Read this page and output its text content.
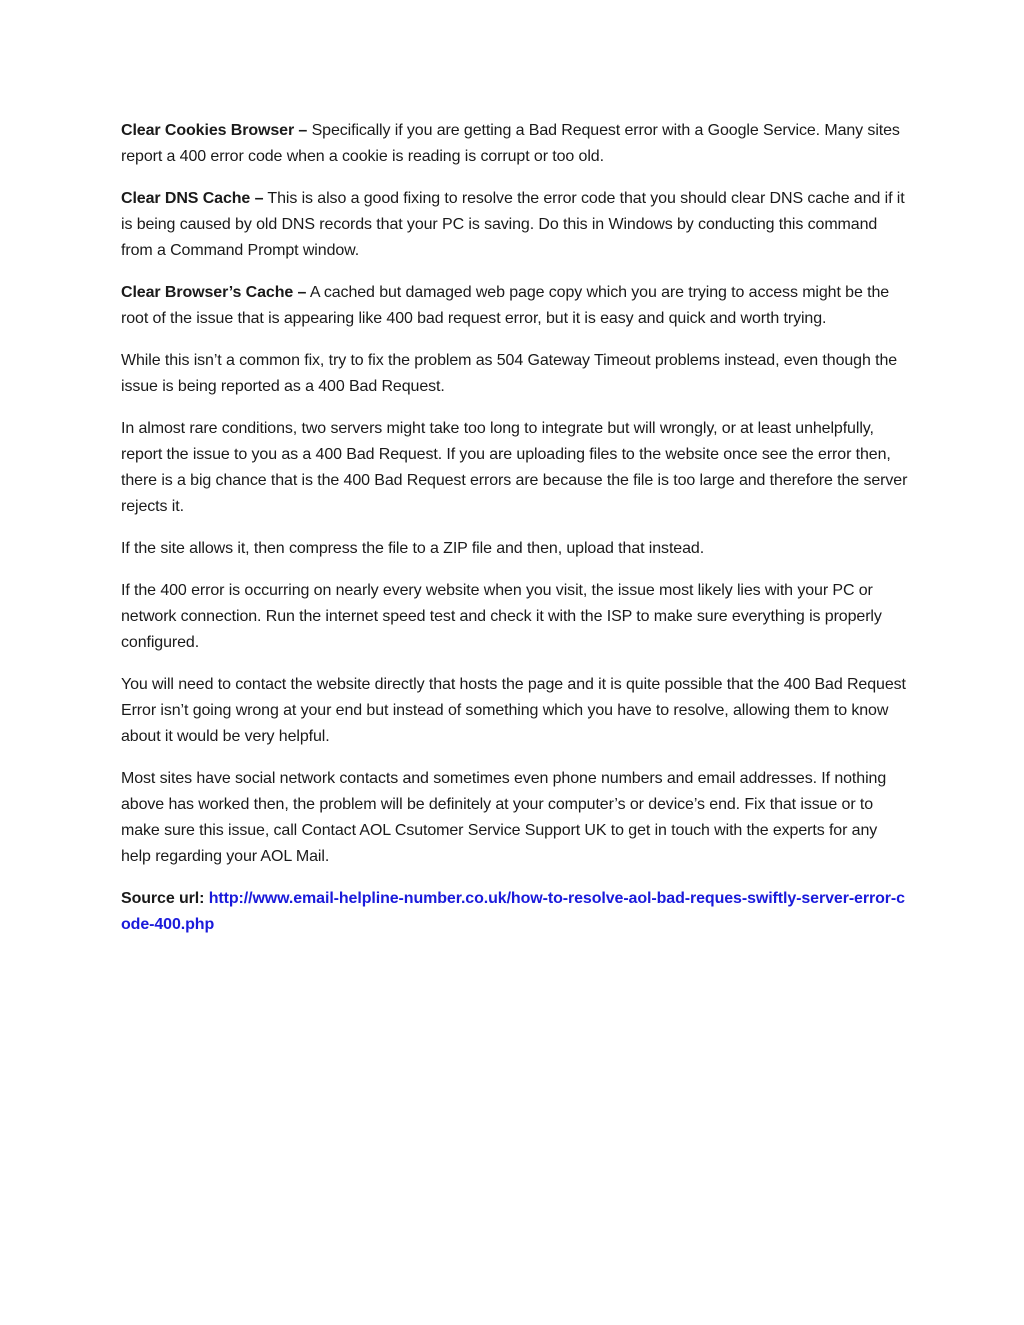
Clear Cookies Browser – Specifically if you are getting a Bad Request error with a Google Service. Many sites report a 400 error code when a cookie is reading is corrupt or too old.

Clear DNS Cache – This is also a good fixing to resolve the error code that you should clear DNS cache and if it is being caused by old DNS records that your PC is saving. Do this in Windows by conducting this command from a Command Prompt window.

Clear Browser’s Cache – A cached but damaged web page copy which you are trying to access might be the root of the issue that is appearing like 400 bad request error, but it is easy and quick and worth trying.

While this isn’t a common fix, try to fix the problem as 504 Gateway Timeout problems instead, even though the issue is being reported as a 400 Bad Request.

In almost rare conditions, two servers might take too long to integrate but will wrongly, or at least unhelpfully, report the issue to you as a 400 Bad Request. If you are uploading files to the website once see the error then, there is a big chance that is the 400 Bad Request errors are because the file is too large and therefore the server rejects it.

If the site allows it, then compress the file to a ZIP file and then, upload that instead.

If the 400 error is occurring on nearly every website when you visit, the issue most likely lies with your PC or network connection. Run the internet speed test and check it with the ISP to make sure everything is properly configured.

You will need to contact the website directly that hosts the page and it is quite possible that the 400 Bad Request Error isn’t going wrong at your end but instead of something which you have to resolve, allowing them to know about it would be very helpful.

Most sites have social network contacts and sometimes even phone numbers and email addresses. If nothing above has worked then, the problem will be definitely at your computer’s or device’s end. Fix that issue or to make sure this issue, call Contact AOL Csutomer Service Support UK to get in touch with the experts for any help regarding your AOL Mail.

Source url: http://www.email-helpline-number.co.uk/how-to-resolve-aol-bad-reques-swiftly-server-error-code-400.php
